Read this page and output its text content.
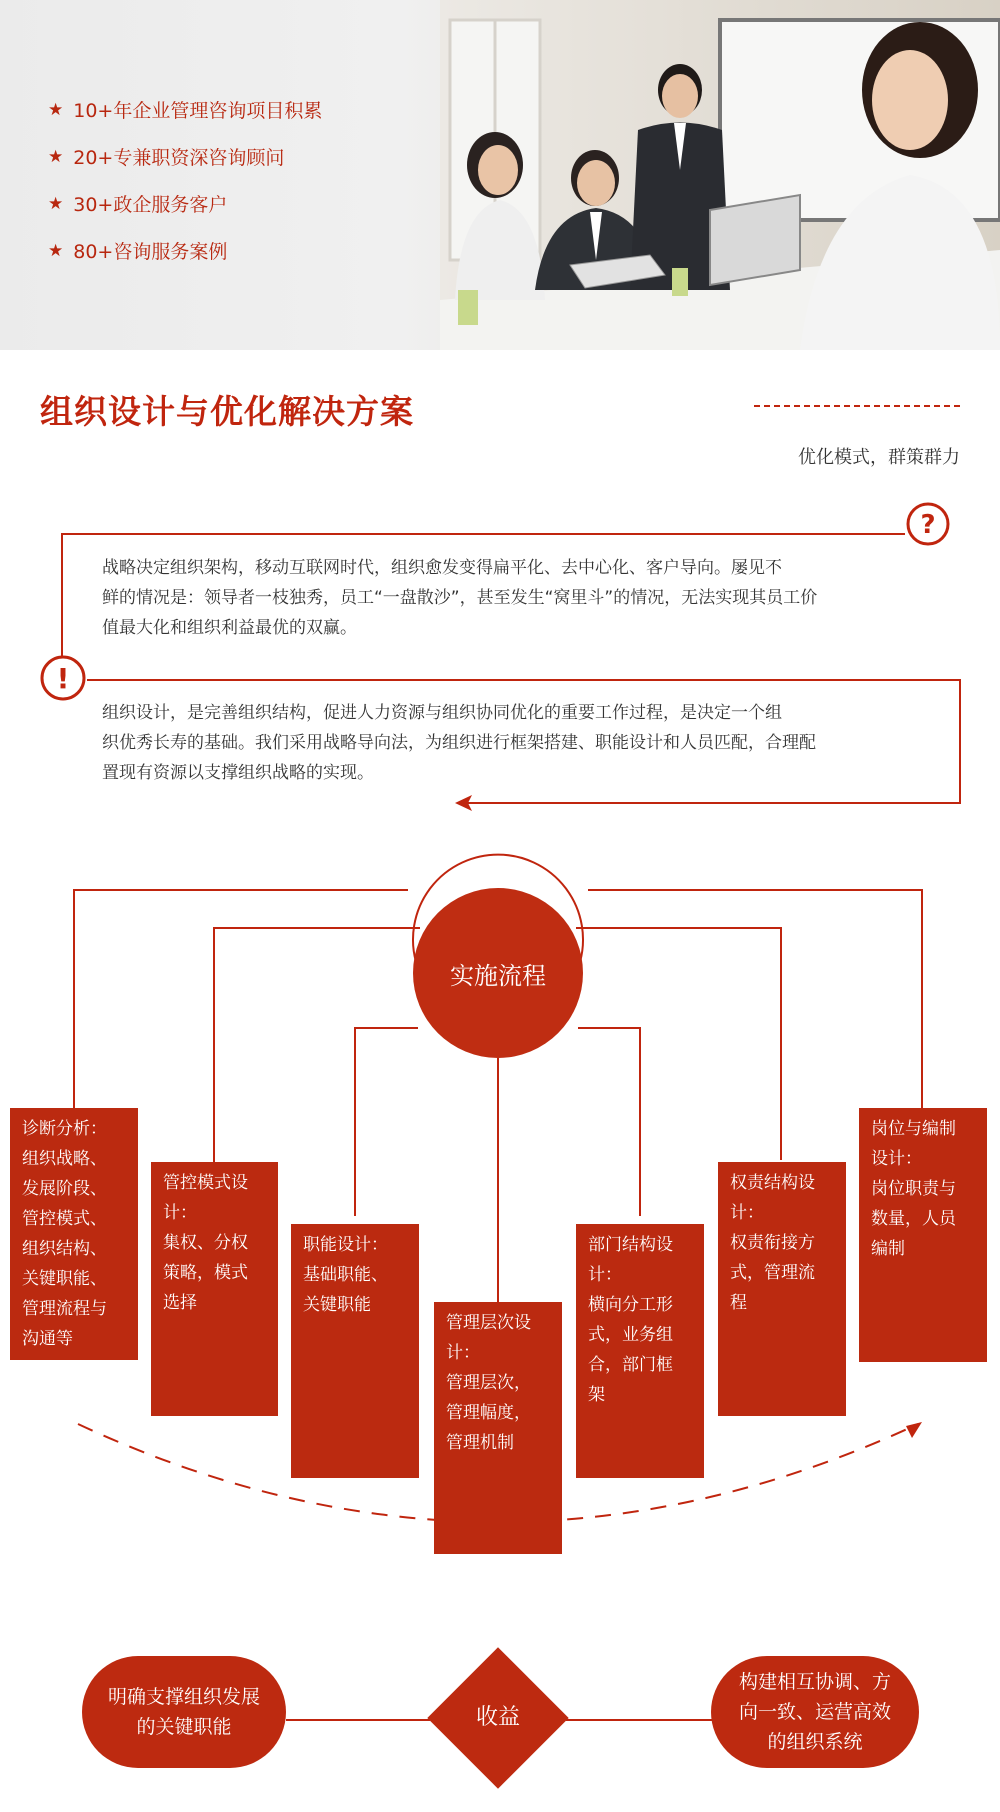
★ 10+年企业管理咨询项目积累
★ 20+专兼职资深咨询顾问
★ 30+政企服务客户
★ 80+咨询服务案例
组织设计与优化解决方案
优化模式，群策群力
?
!
战略决定组织架构，移动互联网时代，组织愈发变得扁平化、去中心化、客户导向。屡见不
鲜的情况是：领导者一枝独秀，员工“一盘散沙”，甚至发生“窝里斗”的情况，无法实现其员工价
值最大化和组织利益最优的双赢。
组织设计，是完善组织结构，促进人力资源与组织协同优化的重要工作过程，是决定一个组
织优秀长寿的基础。我们采用战略导向法，为组织进行框架搭建、职能设计和人员匹配，合理配
置现有资源以支撑组织战略的实现。
实施流程
诊断分析：
组织战略、
发展阶段、
管控模式、
组织结构、
关键职能、
管理流程与
沟通等
管控模式设
计：
集权、分权
策略，模式
选择
职能设计：
基础职能、
关键职能
管理层次设
计：
管理层次，
管理幅度，
管理机制
部门结构设
计：
横向分工形
式，业务组
合，部门框
架
权责结构设
计：
权责衔接方
式，管理流
程
岗位与编制
设计：
岗位职责与
数量，人员
编制
明确支撑组织发展
的关键职能	收益
构建相互协调、方
向一致、运营高效
的组织系统
